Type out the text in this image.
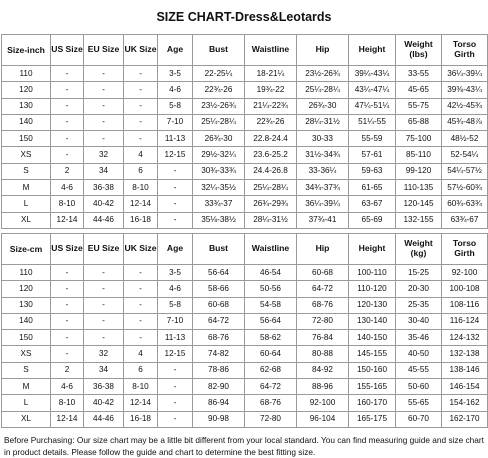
SIZE CHART-Dress&Leotards
Size-inch	US Size	EU Size	UK Size	Age	Bust	Waistline	Hip	Height	Weight (lbs)	Torso Girth
110	-	-	-	3-5	22-25¼	18-21¼	23½-26¾	39¼-43¼	33-55	36¼-39¼
120	-	-	-	4-6	22¾-26	19¾-22	25¼-28¼	43¼-47¼	45-65	39⅜-43¼
130	-	-	-	5-8	23½-26¾	21¼-22¾	26¾-30	47¼-51¼	55-75	42½-45¾
140	-	-	-	7-10	25¼-28¼	22¾-26	28¼-31½	51¼-55	65-88	45¾-48⅞
150	-	-	-	11-13	26¾-30	22.8-24.4	30-33	55-59	75-100	48½-52
XS	-	32	4	12-15	29½-32¼	23.6-25.2	31½-34¾	57-61	85-110	52-54¼
S	2	34	6	-	30¾-33¾	24.4-26.8	33-36¼	59-63	99-120	54¼-57½
M	4-6	36-38	8-10	-	32¼-35½	25¼-28¼	34¾-37¾	61-65	110-135	57½-60¾
L	8-10	40-42	12-14	-	33¾-37	26¾-29¾	36¼-39¼	63-67	120-145	60¾-63¾
XL	12-14	44-46	16-18	-	35⅛-38½	28¼-31½	37¾-41	65-69	132-155	63¾-67
Size-cm	US Size	EU Size	UK Size	Age	Bust	Waistline	Hip	Height	Weight (kg)	Torso Girth
110	-	-	-	3-5	56-64	46-54	60-68	100-110	15-25	92-100
120	-	-	-	4-6	58-66	50-56	64-72	110-120	20-30	100-108
130	-	-	-	5-8	60-68	54-58	68-76	120-130	25-35	108-116
140	-	-	-	7-10	64-72	56-64	72-80	130-140	30-40	116-124
150	-	-	-	11-13	68-76	58-62	76-84	140-150	35-46	124-132
XS	-	32	4	12-15	74-82	60-64	80-88	145-155	40-50	132-138
S	2	34	6	-	78-86	62-68	84-92	150-160	45-55	138-146
M	4-6	36-38	8-10	-	82-90	64-72	88-96	155-165	50-60	146-154
L	8-10	40-42	12-14	-	86-94	68-76	92-100	160-170	55-65	154-162
XL	12-14	44-46	16-18	-	90-98	72-80	96-104	165-175	60-70	162-170
Before Purchasing: Our size chart may be a little bit different from your local standard. You can find measuring guide and size chart in product details. Please follow the guide and chart to determine the best fitting size.
